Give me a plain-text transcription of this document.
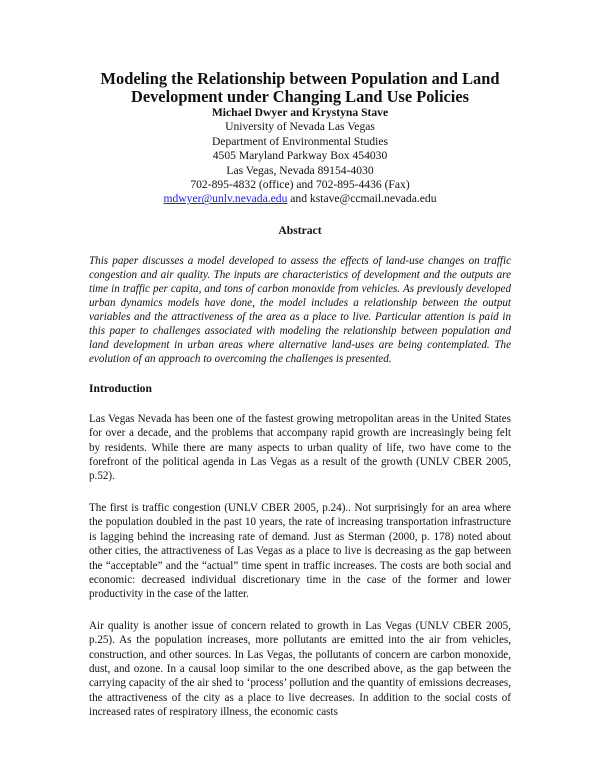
Modeling the Relationship between Population and Land
Development under Changing Land Use Policies
Michael Dwyer and Krystyna Stave
University of Nevada Las Vegas
Department of Environmental Studies
4505 Maryland Parkway Box 454030
Las Vegas, Nevada 89154-4030
702-895-4832 (office) and 702-895-4436 (Fax)
mdwyer@unlv.nevada.edu and kstave@ccmail.nevada.edu
Abstract

This paper discusses a model developed to assess the effects of land-use changes on traffic congestion and air quality. The inputs are characteristics of development and the outputs are time in traffic per capita, and tons of carbon monoxide from vehicles. As previously developed urban dynamics models have done, the model includes a relationship between the output variables and the attractiveness of the area as a place to live. Particular attention is paid in this paper to challenges associated with modeling the relationship between population and land development in urban areas where alternative land-uses are being contemplated. The evolution of an approach to overcoming the challenges is presented.

Introduction

Las Vegas Nevada has been one of the fastest growing metropolitan areas in the United States for over a decade, and the problems that accompany rapid growth are increasingly being felt by residents. While there are many aspects to urban quality of life, two have come to the forefront of the political agenda in Las Vegas as a result of the growth (UNLV CBER 2005, p.52).

The first is traffic congestion (UNLV CBER 2005, p.24).. Not surprisingly for an area where the population doubled in the past 10 years, the rate of increasing transportation infrastructure is lagging behind the increasing rate of demand. Just as Sterman (2000, p. 178) noted about other cities, the attractiveness of Las Vegas as a place to live is decreasing as the gap between the “acceptable” and the “actual” time spent in traffic increases. The costs are both social and economic: decreased individual discretionary time in the case of the former and lower productivity in the case of the latter.

Air quality is another issue of concern related to growth in Las Vegas (UNLV CBER 2005, p.25). As the population increases, more pollutants are emitted into the air from vehicles, construction, and other sources. In Las Vegas, the pollutants of concern are carbon monoxide, dust, and ozone. In a causal loop similar to the one described above, as the gap between the carrying capacity of the air shed to ‘process’ pollution and the quantity of emissions decreases, the attractiveness of the city as a place to live decreases. In addition to the social costs of increased rates of respiratory illness, the economic casts
